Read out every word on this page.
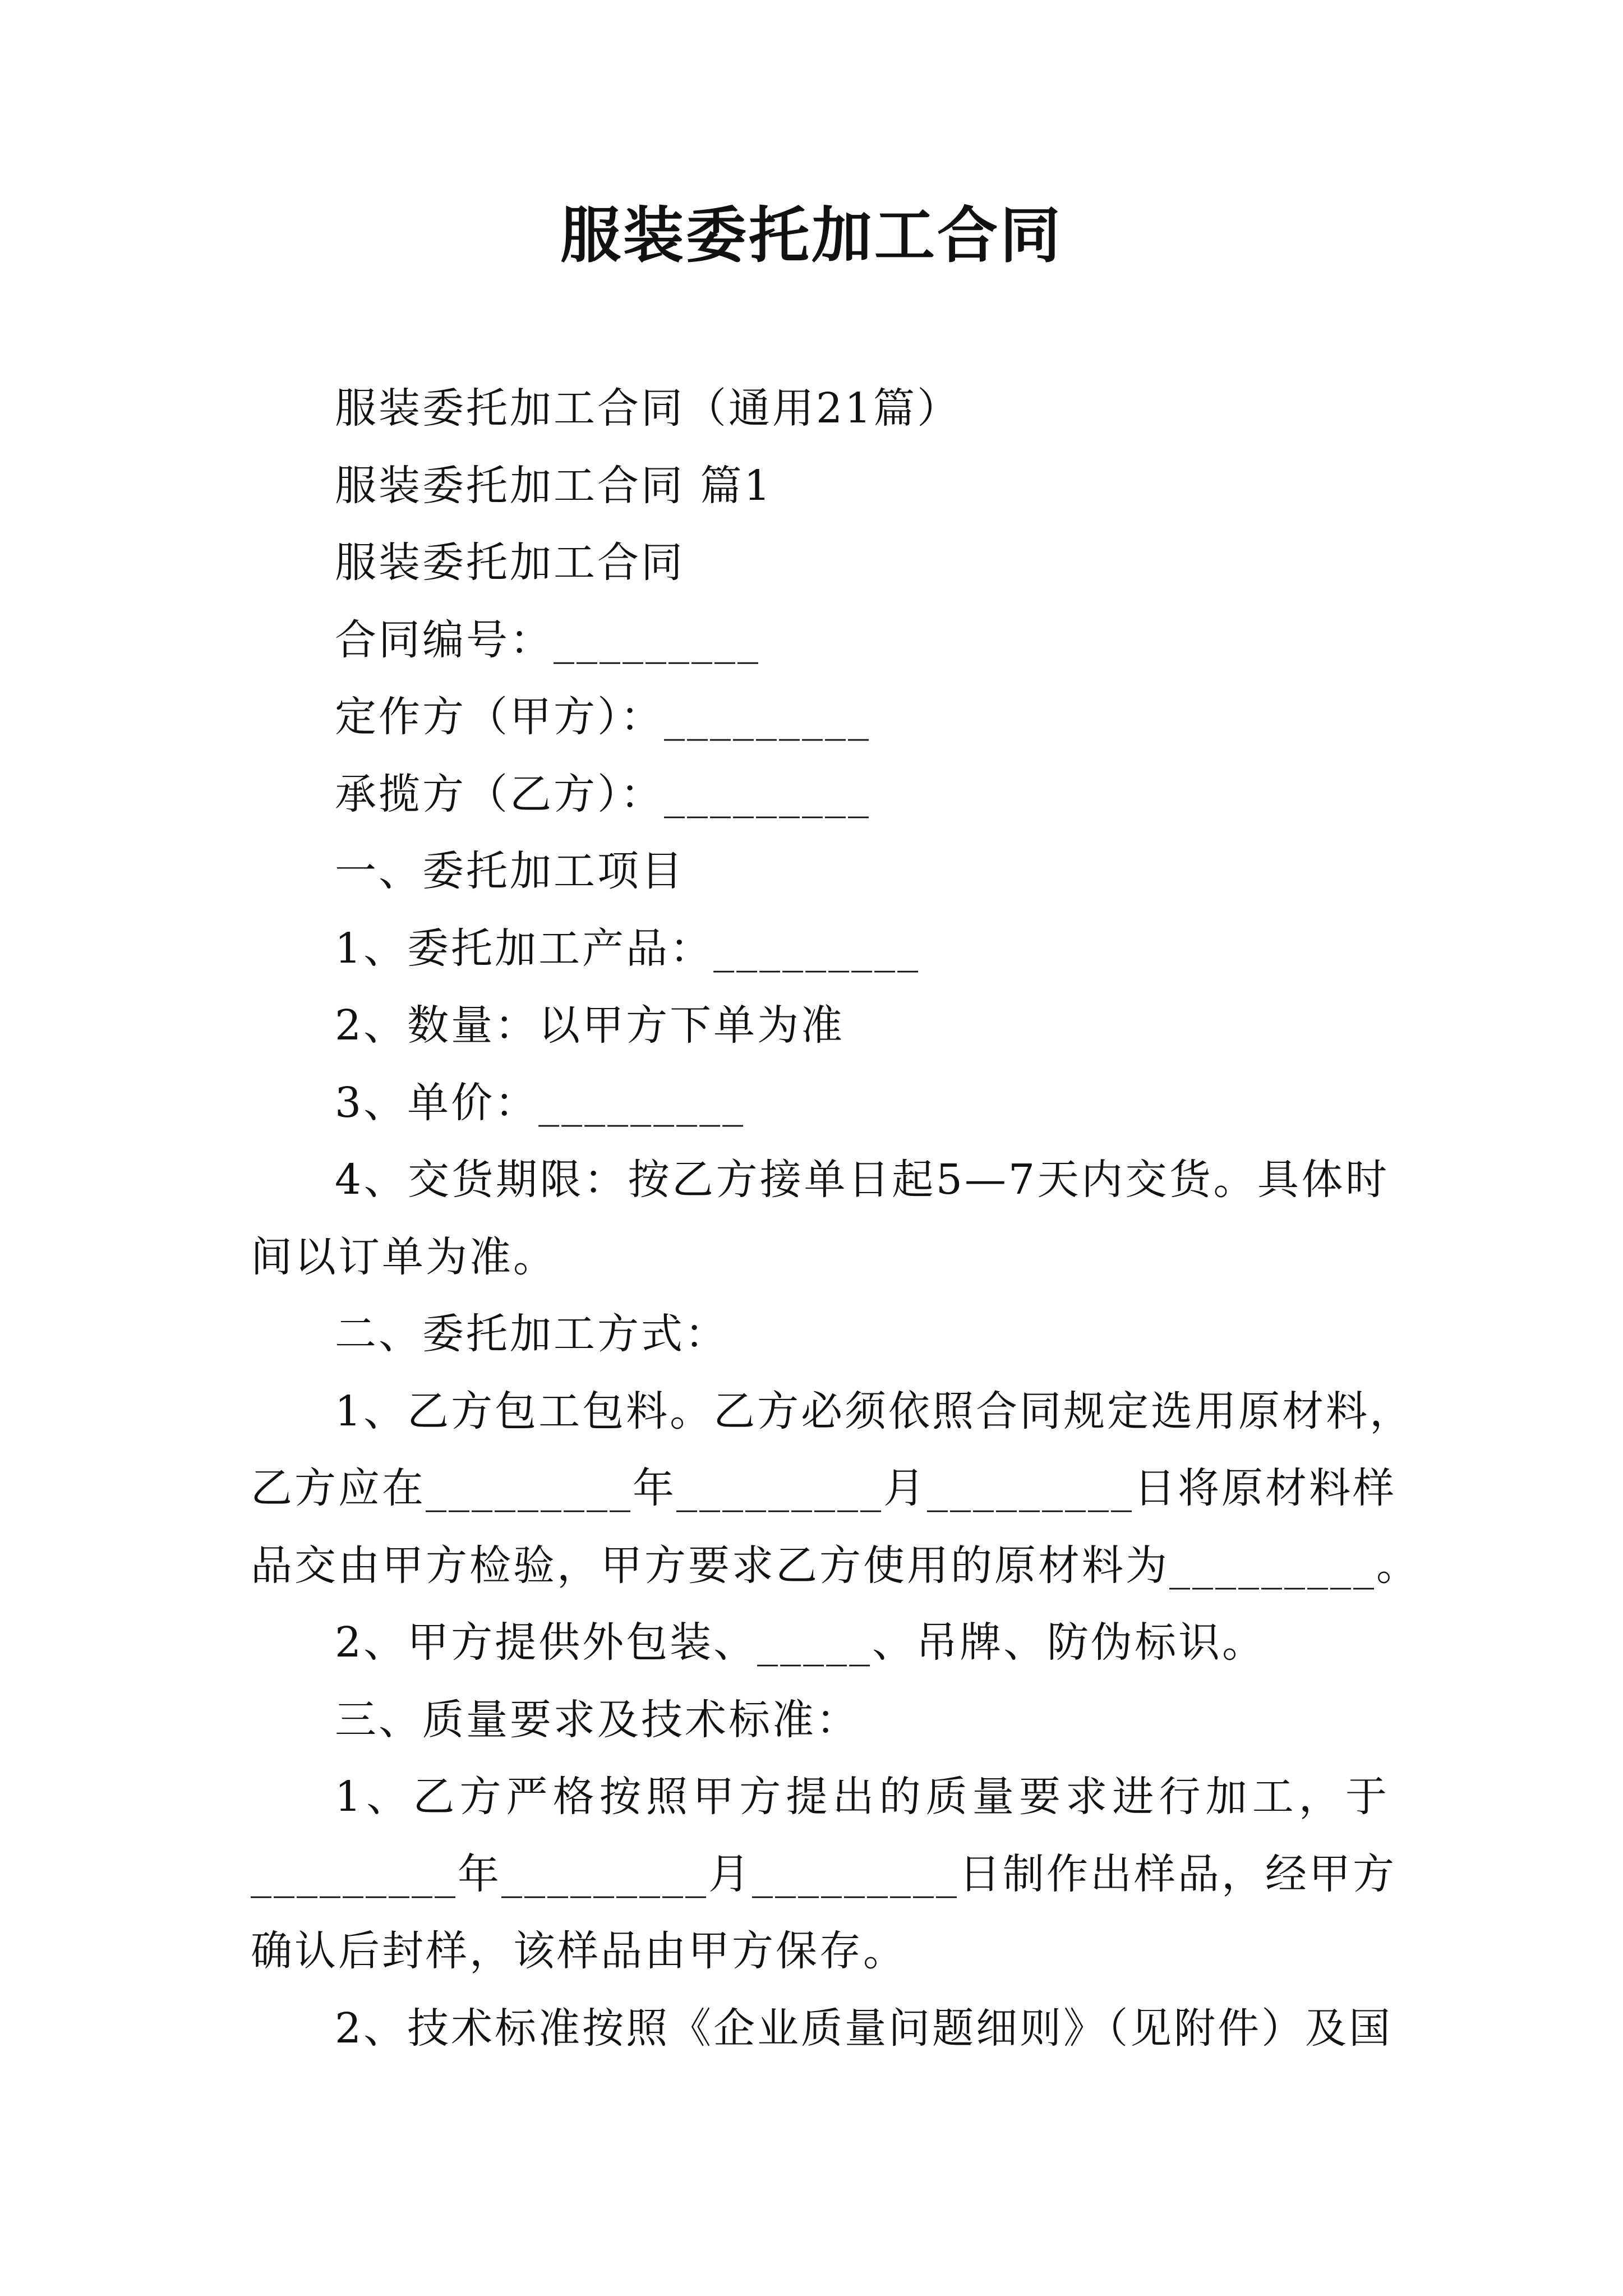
服装委托加工合同

服装委托加工合同（通用21篇）

服装委托加工合同 篇1

服装委托加工合同

合同编号：_________

定作方（甲方）：_________

承揽方（乙方）：_________

一、委托加工项目

1、委托加工产品：_________

2、数量：以甲方下单为准

3、单价：_________

4、交货期限：按乙方接单日起5—7天内交货。具体时

间以订单为准。

二、委托加工方式：

1、乙方包工包料。乙方必须依照合同规定选用原材料，

乙方应在_________年_________月_________日将原材料样

品交由甲方检验，甲方要求乙方使用的原材料为_________。

2、甲方提供外包装、_____、吊牌、防伪标识。

三、质量要求及技术标准：

1、乙方严格按照甲方提出的质量要求进行加工，于

_________年_________月_________日制作出样品，经甲方

确认后封样，该样品由甲方保存。

2、技术标准按照《企业质量问题细则》（见附件）及国
